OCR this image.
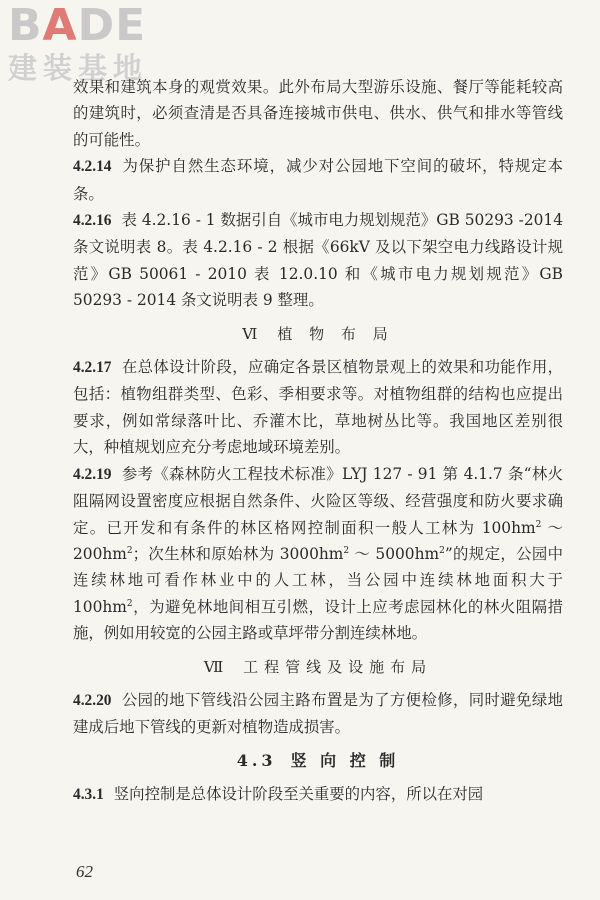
BADE
建装基地

效果和建筑本身的观赏效果。此外布局大型游乐设施、餐厅等能耗较高的建筑时，必须查清是否具备连接城市供电、供水、供气和排水等管线的可能性。

4.2.14 为保护自然生态环境，减少对公园地下空间的破坏，特规定本条。

4.2.16 表 4.2.16 - 1 数据引自《城市电力规划规范》GB 50293 -2014 条文说明表 8。表 4.2.16 - 2 根据《66kV 及以下架空电力线路设计规范》GB 50061 - 2010 表 12.0.10 和《城市电力规划规范》GB 50293 - 2014 条文说明表 9 整理。

Ⅵ 植 物 布 局

4.2.17 在总体设计阶段，应确定各景区植物景观上的效果和功能作用，包括：植物组群类型、色彩、季相要求等。对植物组群的结构也应提出要求，例如常绿落叶比、乔灌木比，草地树丛比等。我国地区差别很大，种植规划应充分考虑地域环境差别。

4.2.19 参考《森林防火工程技术标准》LYJ 127 - 91 第 4.1.7 条“林火阻隔网设置密度应根据自然条件、火险区等级、经营强度和防火要求确定。已开发和有条件的林区格网控制面积一般人工林为 $100hm^2$ ～ $200hm^2$；次生林和原始林为 $3000hm^2$ ～ $5000hm^2$”的规定，公园中连续林地可看作林业中的人工林，当公园中连续林地面积大于 $100hm^2$，为避免林地间相互引燃，设计上应考虑园林化的林火阻隔措施，例如用较宽的公园主路或草坪带分割连续林地。

Ⅶ 工程管线及设施布局

4.2.20 公园的地下管线沿公园主路布置是为了方便检修，同时避免绿地建成后地下管线的更新对植物造成损害。

4.3 竖 向 控 制

4.3.1 竖向控制是总体设计阶段至关重要的内容，所以在对园

62
